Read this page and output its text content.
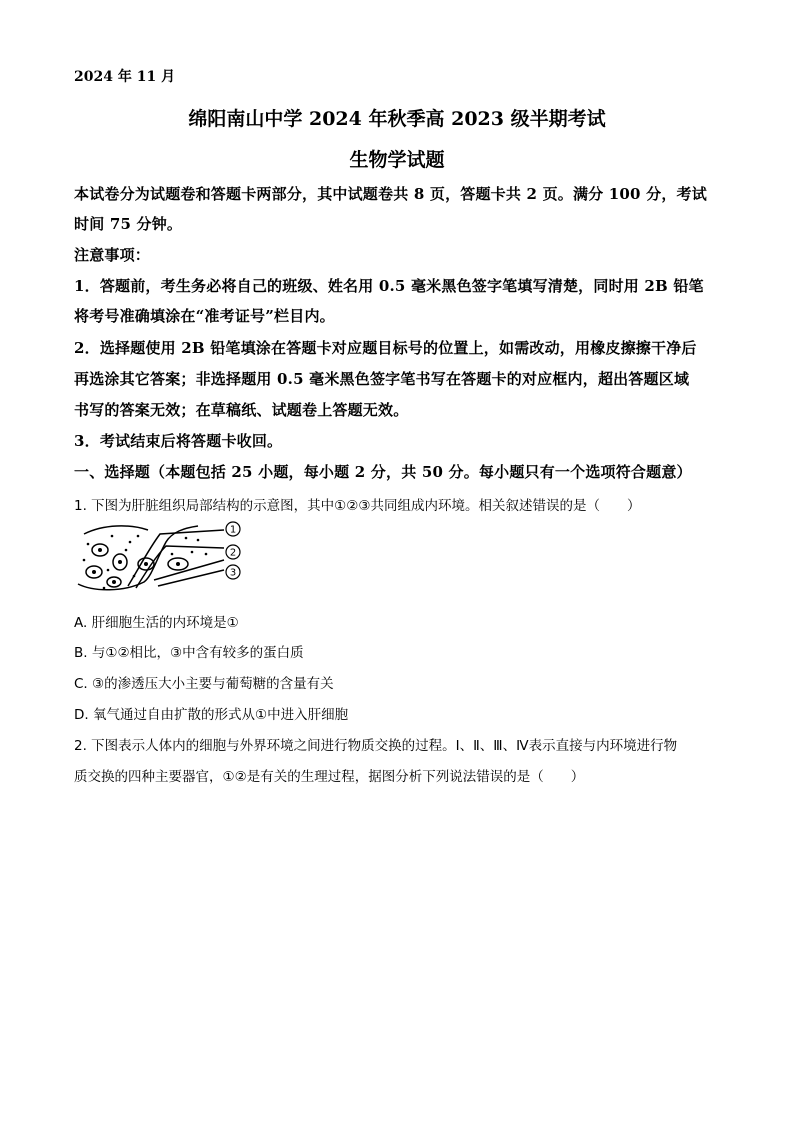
2024 年 11 月
绵阳南山中学 2024 年秋季高 2023 级半期考试
生物学试题
本试卷分为试题卷和答题卡两部分，其中试题卷共 8 页，答题卡共 2 页。满分 100 分，考试
时间 75 分钟。
注意事项：
1．答题前，考生务必将自己的班级、姓名用 0.5 毫米黑色签字笔填写清楚，同时用 2B 铅笔
将考号准确填涂在“准考证号”栏目内。
2．选择题使用 2B 铅笔填涂在答题卡对应题目标号的位置上，如需改动，用橡皮擦擦干净后
再选涂其它答案；非选择题用 0.5 毫米黑色签字笔书写在答题卡的对应框内，超出答题区域
书写的答案无效；在草稿纸、试题卷上答题无效。
3．考试结束后将答题卡收回。
一、选择题（本题包括 25 小题，每小题 2 分，共 50 分。每小题只有一个选项符合题意）
1. 下图为肝脏组织局部结构的示意图，其中①②③共同组成内环境。相关叙述错误的是（　　）
1
2
3
A. 肝细胞生活的内环境是①
B. 与①②相比，③中含有较多的蛋白质
C. ③的渗透压大小主要与葡萄糖的含量有关
D. 氧气通过自由扩散的形式从①中进入肝细胞
2. 下图表示人体内的细胞与外界环境之间进行物质交换的过程。Ⅰ、Ⅱ、Ⅲ、Ⅳ表示直接与内环境进行物
质交换的四种主要器官，①②是有关的生理过程，据图分析下列说法错误的是（　　）
